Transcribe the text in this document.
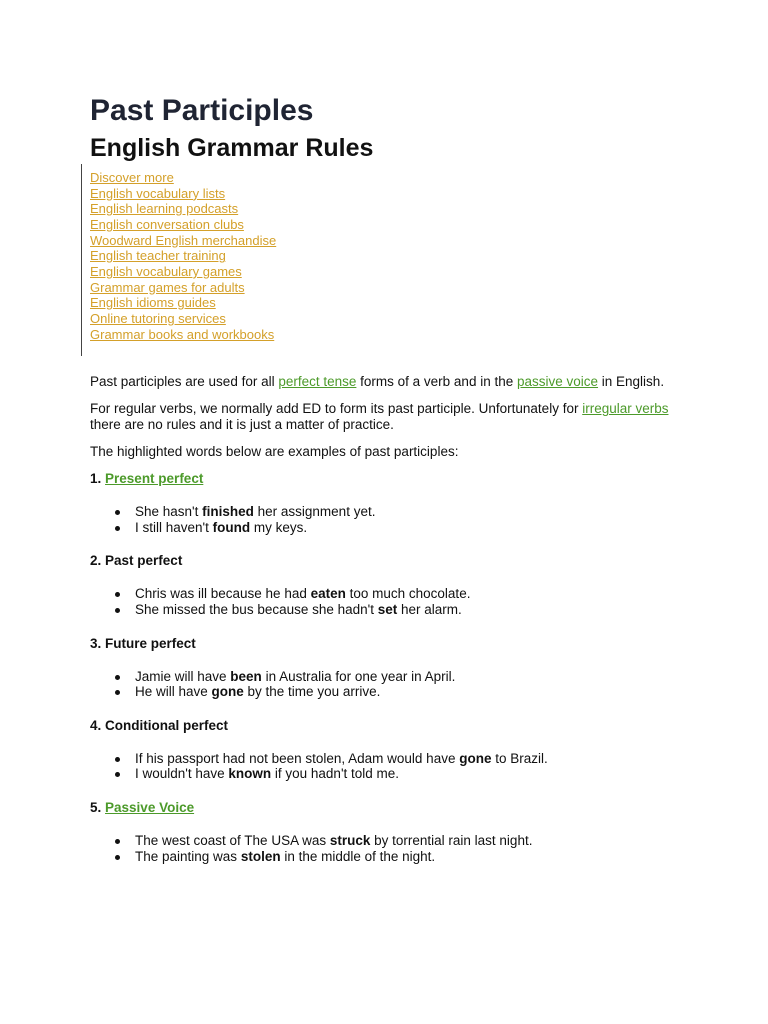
Past Participles
English Grammar Rules
Discover more
English vocabulary lists
English learning podcasts
English conversation clubs
Woodward English merchandise
English teacher training
English vocabulary games
Grammar games for adults
English idioms guides
Online tutoring services
Grammar books and workbooks

Past participles are used for all perfect tense forms of a verb and in the passive voice in English.

For regular verbs, we normally add ED to form its past participle. Unfortunately for irregular verbs there are no rules and it is just a matter of practice.

The highlighted words below are examples of past participles:

1. Present perfect

She hasn't finished her assignment yet.
I still haven't found my keys.

2. Past perfect

Chris was ill because he had eaten too much chocolate.
She missed the bus because she hadn't set her alarm.

3. Future perfect

Jamie will have been in Australia for one year in April.
He will have gone by the time you arrive.

4. Conditional perfect

If his passport had not been stolen, Adam would have gone to Brazil.
I wouldn't have known if you hadn't told me.

5. Passive Voice

The west coast of The USA was struck by torrential rain last night.
The painting was stolen in the middle of the night.
